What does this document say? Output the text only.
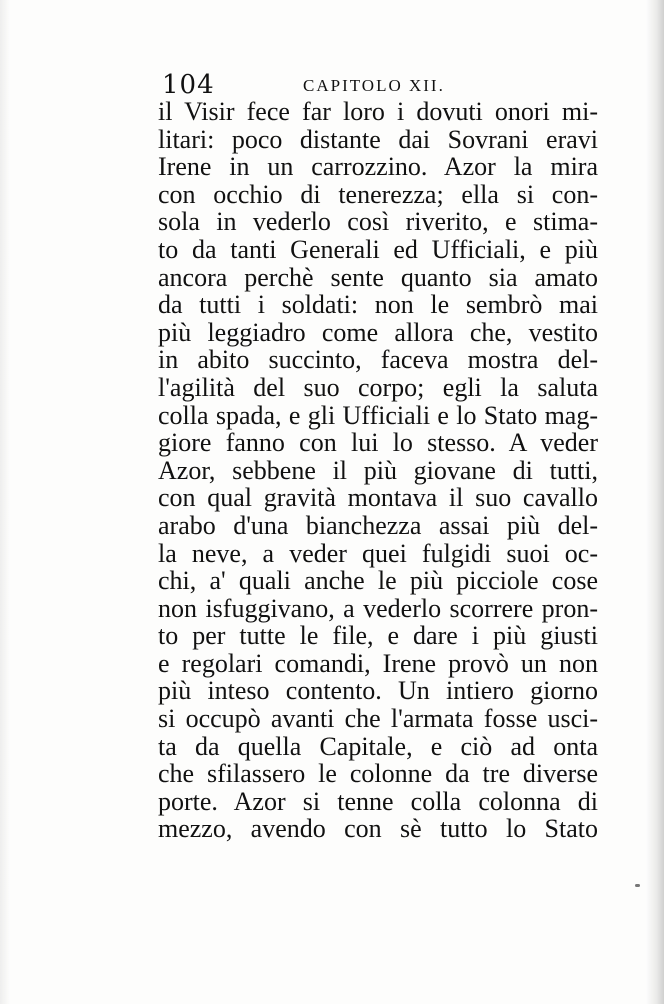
104	CAPITOLO XII.
il Visir fece far loro i dovuti onori mi-
litari: poco distante dai Sovrani eravi
Irene in un carrozzino. Azor la mira
con occhio di tenerezza; ella si con-
sola in vederlo così riverito, e stima-
to da tanti Generali ed Ufficiali, e più
ancora perchè sente quanto sia amato
da tutti i soldati: non le sembrò mai
più leggiadro come allora che, vestito
in abito succinto, faceva mostra del-
l'agilità del suo corpo; egli la saluta
colla spada, e gli Ufficiali e lo Stato mag-
giore fanno con lui lo stesso. A veder
Azor, sebbene il più giovane di tutti,
con qual gravità montava il suo cavallo
arabo d'una bianchezza assai più del-
la neve, a veder quei fulgidi suoi oc-
chi, a' quali anche le più picciole cose
non isfuggivano, a vederlo scorrere pron-
to per tutte le file, e dare i più giusti
e regolari comandi, Irene provò un non
più inteso contento. Un intiero giorno
si occupò avanti che l'armata fosse usci-
ta da quella Capitale, e ciò ad onta
che sfilassero le colonne da tre diverse
porte. Azor si tenne colla colonna di
mezzo, avendo con sè tutto lo Stato
